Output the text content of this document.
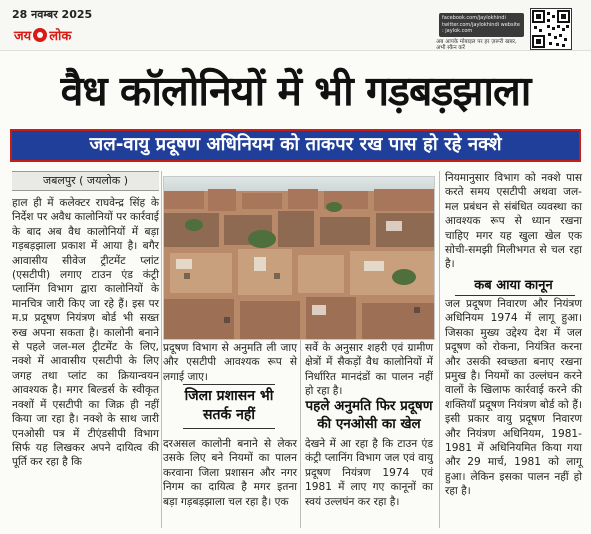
28 नवम्बर 2025
जय लोक
facebook.com/jaylokhindi twitter.com/jaylokhindi website : jaylok.com
अब आपके मोबाइल पर हर ज़रूरी खबर, अभी स्कैन करें
वैध कॉलोनियों में भी गड़बड़झाला
जल-वायु प्रदूषण अधिनियम को ताकपर रख पास हो रहे नक्शे
जबलपुर ( जयलोक )

हाल ही में कलेक्टर राघवेन्द्र सिंह के निर्देश पर अवैध कालोनियों पर कार्रवाई के बाद अब वैध कालोनियों में बड़ा गड़बड़झाला प्रकाश में आया है। बगैर आवासीय सीवेज ट्रीटमेंट प्लांट (एसटीपी) लगाए टाउन एंड कंट्री प्लानिंग विभाग द्वारा कालोनियों के मानचित्र जारी किए जा रहे हैं। इस पर म.प्र प्रदूषण नियंत्रण बोर्ड भी सख्त रुख अपना सकता है। कालोनी बनाने से पहले जल-मल ट्रीटमेंट के लिए, नक्शे में आवासीय एसटीपी के लिए जगह तथा प्लांट का क्रियान्वयन आवश्यक है। मगर बिल्डर्स के स्वीकृत नक्शों में एसटीपी का जिक्र ही नहीं किया जा रहा है। नक्शे के साथ जारी एनओसी पत्र में टीएंडसीपी विभाग सिर्फ यह लिखकर अपने दायित्व की पूर्ति कर रहा है कि

प्रदूषण विभाग से अनुमति ली जाए और एसटीपी आवश्यक रूप से लगाई जाए।

जिला प्रशासन भी सतर्क नहीं

दरअसल कालोनी बनाने से लेकर उसके लिए बने नियमों का पालन करवाना जिला प्रशासन और नगर निगम का दायित्व है मगर इतना बड़ा गड़बड़झाला चल रहा है। एक

सर्वे के अनुसार शहरी एवं ग्रामीण क्षेत्रों में सैकड़ों वैध कालोनियों में निर्धारित मानदंडों का पालन नहीं हो रहा है।

पहले अनुमति फिर प्रदूषण की एनओसी का खेल

देखने में आ रहा है कि टाउन एंड कंट्री प्लानिंग विभाग जल एवं वायु प्रदूषण नियंत्रण 1974 एवं 1981 में लाए गए कानूनों का स्वयं उल्लघंन कर रहा है।

नियमानुसार विभाग को नक्शे पास करते समय एसटीपी अथवा जल-मल प्रबंधन से संबंधित व्यवस्था का आवश्यक रूप से ध्यान रखना चाहिए मगर यह खुला खेल एक सोची-समझी मिलीभगत से चल रहा है।

कब आया कानून

जल प्रदूषण निवारण और नियंत्रण अधिनियम 1974 में लागू हुआ। जिसका मुख्य उद्देश्य देश में जल प्रदूषण को रोकना, नियंत्रित करना और उसकी स्वच्छता बनाए रखना प्रमुख है। नियमों का उल्लंघन करने वालों के खिलाफ कार्रवाई करने की शक्तियाँ प्रदूषण नियंत्रण बोर्ड को हैं। इसी प्रकार वायु प्रदूषण निवारण और नियंत्रण अधिनियम, 1981-1981 में अधिनियमित किया गया और 29 मार्च, 1981 को लागू हुआ। लेकिन इसका पालन नहीं हो रहा है।
